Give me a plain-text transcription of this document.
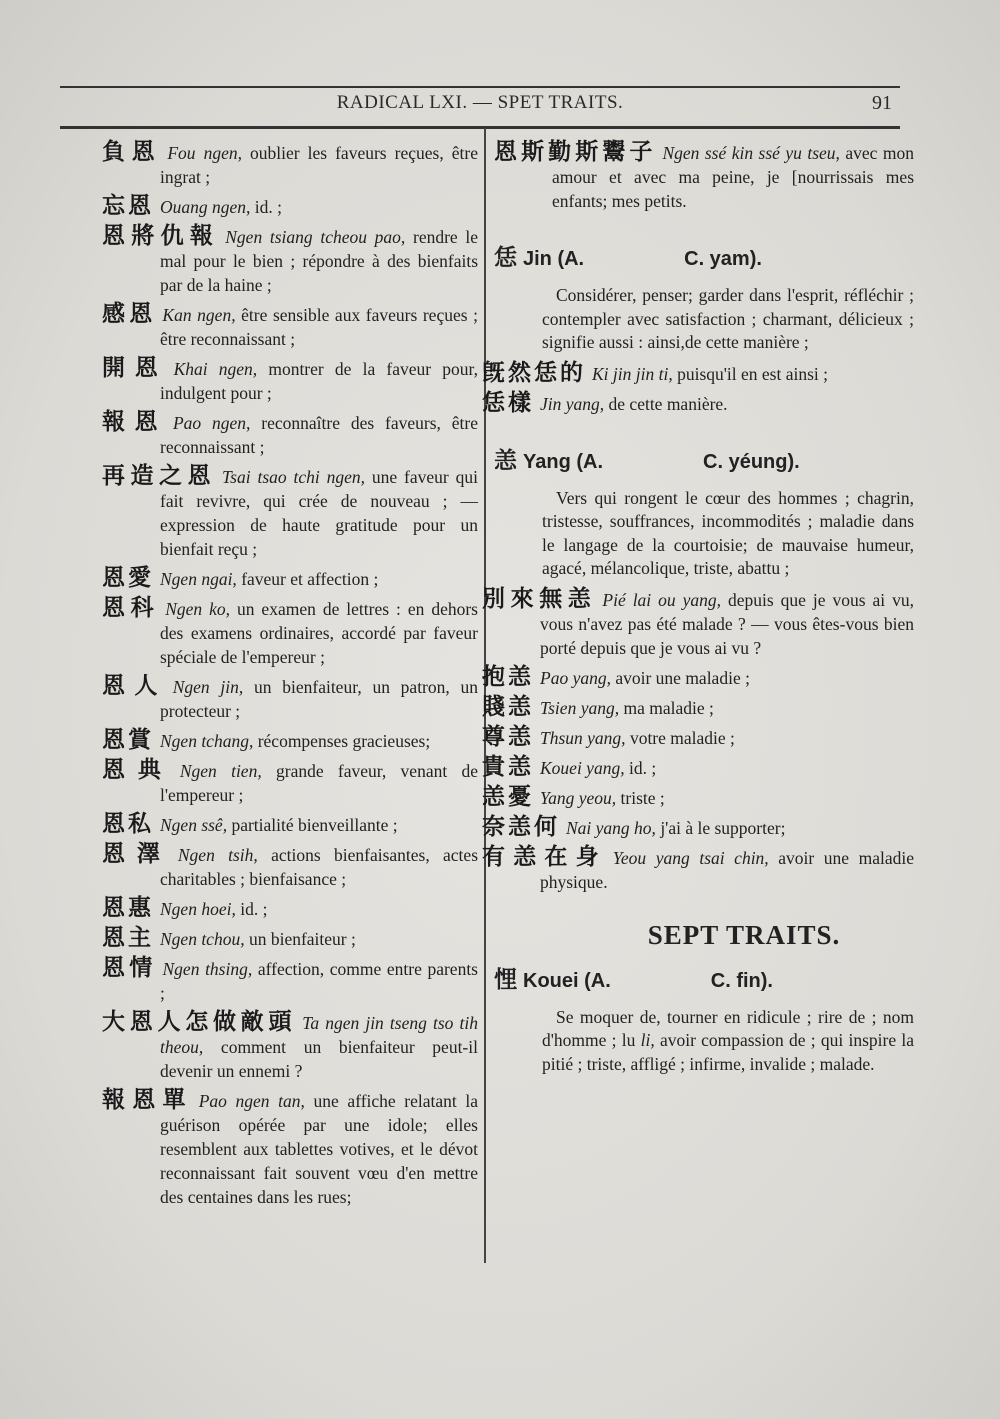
RADICAL LXI. — SPET TRAITS.	91
負恩 Fou ngen, oublier les faveurs reçues, être ingrat ;
忘恩 Ouang ngen, id. ;
恩將仇報 Ngen tsiang tcheou pao, rendre le mal pour le bien ; répondre à des bienfaits par de la haine ;
感恩 Kan ngen, être sensible aux faveurs reçues ; être reconnaissant ;
開恩 Khai ngen, montrer de la faveur pour, indulgent pour ;
報恩 Pao ngen, reconnaître des faveurs, être reconnaissant ;
再造之恩 Tsai tsao tchi ngen, une faveur qui fait revivre, qui crée de nouveau ; — expression de haute gratitude pour un bienfait reçu ;
恩愛 Ngen ngai, faveur et affection ;
恩科 Ngen ko, un examen de lettres : en dehors des examens ordinaires, accordé par faveur spéciale de l'empereur ;
恩人 Ngen jin, un bienfaiteur, un patron, un protecteur ;
恩賞 Ngen tchang, récompenses gracieuses;
恩典 Ngen tien, grande faveur, venant de l'empereur ;
恩私 Ngen ssê, partialité bienveillante ;
恩澤 Ngen tsih, actions bienfaisantes, actes charitables ; bienfaisance ;
恩惠 Ngen hoei, id. ;
恩主 Ngen tchou, un bienfaiteur ;
恩情 Ngen thsing, affection, comme entre parents ;
大恩人怎做敵頭 Ta ngen jin tseng tso tih theou, comment un bienfaiteur peut-il devenir un ennemi ?
報恩單 Pao ngen tan, une affiche relatant la guérison opérée par une idole; elles resemblent aux tablettes votives, et le dévot reconnaissant fait souvent vœu d'en mettre des centaines dans les rues;
恩斯勤斯鬻子 Ngen ssé kin ssé yu tseu, avec mon amour et avec ma peine, je [nourrissais mes enfants; mes petits.
恁 Jin (A.	C. yam).
Considérer, penser; garder dans l'esprit, réfléchir ; contempler avec satisfaction ; charmant, délicieux ; signifie aussi : ainsi,de cette manière ;
旣然恁的 Ki jin jin ti, puisqu'il en est ainsi ;
恁樣 Jin yang, de cette manière.
恙 Yang (A.	C. yéung).
Vers qui rongent le cœur des hommes ; chagrin, tristesse, souffrances, incommodités ; maladie dans le langage de la courtoisie; de mauvaise humeur, agacé, mélancolique, triste, abattu ;
別來無恙 Pié lai ou yang, depuis que je vous ai vu, vous n'avez pas été malade ? — vous êtes-vous bien porté depuis que je vous ai vu ?
抱恙 Pao yang, avoir une maladie ;
賤恙 Tsien yang, ma maladie ;
尊恙 Thsun yang, votre maladie ;
貴恙 Kouei yang, id. ;
恙憂 Yang yeou, triste ;
奈恙何 Nai yang ho, j'ai à le supporter;
有恙在身 Yeou yang tsai chin, avoir une maladie physique.
SEPT TRAITS.
悝 Kouei (A.	C. fin).
Se moquer de, tourner en ridicule ; rire de ; nom d'homme ; lu li, avoir compassion de ; qui inspire la pitié ; triste, affligé ; infirme, invalide ; malade.
